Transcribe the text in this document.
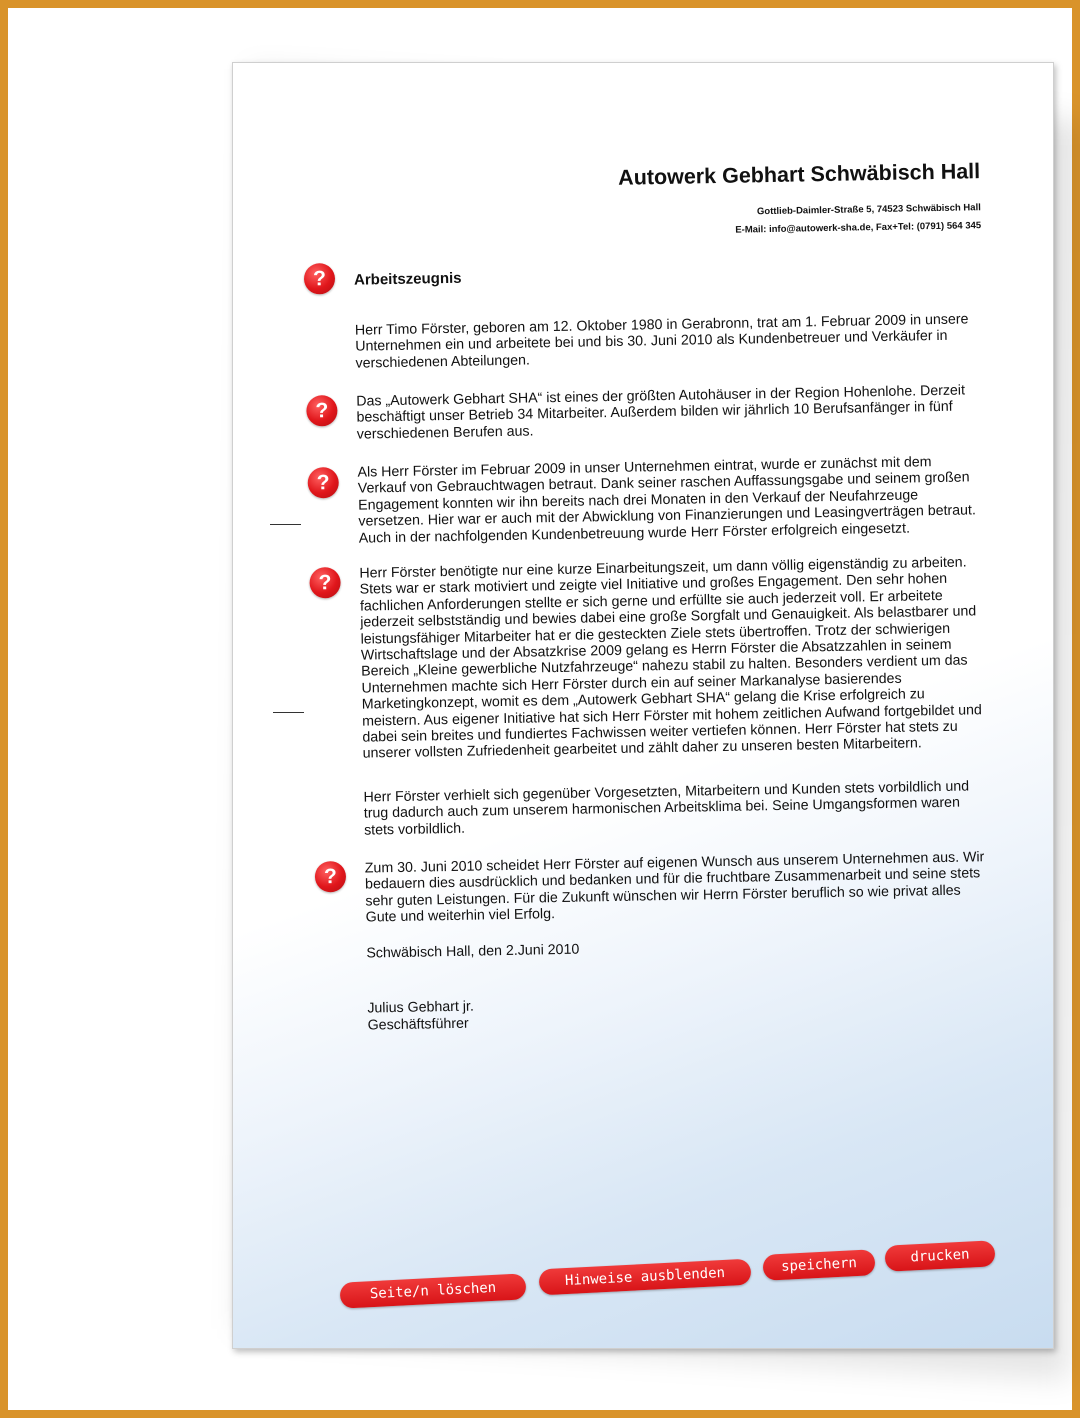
Autowerk Gebhart Schwäbisch Hall
Gottlieb-Daimler-Straße 5, 74523 Schwäbisch Hall
E-Mail: info@autowerk-sha.de, Fax+Tel: (0791) 564 345
?	Arbeitszeugnis

Herr Timo Förster, geboren am 12. Oktober 1980 in Gerabronn, trat am 1. Februar 2009 in unsere Unternehmen ein und arbeitete bei und bis 30. Juni 2010 als Kundenbetreuer und Verkäufer in verschiedenen Abteilungen.

?

Das „Autowerk Gebhart SHA“ ist eines der größten Autohäuser in der Region Hohenlohe. Derzeit beschäftigt unser Betrieb 34 Mitarbeiter. Außerdem bilden wir jährlich 10 Berufsanfänger in fünf verschiedenen Berufen aus.

?

Als Herr Förster im Februar 2009 in unser Unternehmen eintrat, wurde er zunächst mit dem Verkauf von Gebrauchtwagen betraut. Dank seiner raschen Auffassungsgabe und seinem großen Engagement konnten wir ihn bereits nach drei Monaten in den Verkauf der Neufahrzeuge versetzen. Hier war er auch mit der Abwicklung von Finanzierungen und Leasingverträgen betraut. Auch in der nachfolgenden Kundenbetreuung wurde Herr Förster erfolgreich eingesetzt.

?

Herr Förster benötigte nur eine kurze Einarbeitungszeit, um dann völlig eigenständig zu arbeiten. Stets war er stark motiviert und zeigte viel Initiative und großes Engagement. Den sehr hohen fachlichen Anforderungen stellte er sich gerne und erfüllte sie auch jederzeit voll. Er arbeitete jederzeit selbstständig und bewies dabei eine große Sorgfalt und Genauigkeit. Als belastbarer und leistungsfähiger Mitarbeiter hat er die gesteckten Ziele stets übertroffen. Trotz der schwierigen Wirtschaftslage und der Absatzkrise 2009 gelang es Herrn Förster die Absatzzahlen in seinem Bereich „Kleine gewerbliche Nutzfahrzeuge“ nahezu stabil zu halten. Besonders verdient um das Unternehmen machte sich Herr Förster durch ein auf seiner Markanalyse basierendes Marketingkonzept, womit es dem „Autowerk Gebhart SHA“ gelang die Krise erfolgreich zu meistern. Aus eigener Initiative hat sich Herr Förster mit hohem zeitlichen Aufwand fortgebildet und dabei sein breites und fundiertes Fachwissen weiter vertiefen können. Herr Förster hat stets zu unserer vollsten Zufriedenheit gearbeitet und zählt daher zu unseren besten Mitarbeitern.

Herr Förster verhielt sich gegenüber Vorgesetzten, Mitarbeitern und Kunden stets vorbildlich und trug dadurch auch zum unserem harmonischen Arbeitsklima bei. Seine Umgangsformen waren stets vorbildlich.

?

Zum 30. Juni 2010 scheidet Herr Förster auf eigenen Wunsch aus unserem Unternehmen aus. Wir bedauern dies ausdrücklich und bedanken und für die fruchtbare Zusammenarbeit und seine stets sehr guten Leistungen. Für die Zukunft wünschen wir Herrn Förster beruflich so wie privat alles Gute und weiterhin viel Erfolg.

Schwäbisch Hall, den 2.Juni 2010

Julius Gebhart jr.

Geschäftsführer

Seite/n löschen
Hinweise ausblenden	speichern	drucken
